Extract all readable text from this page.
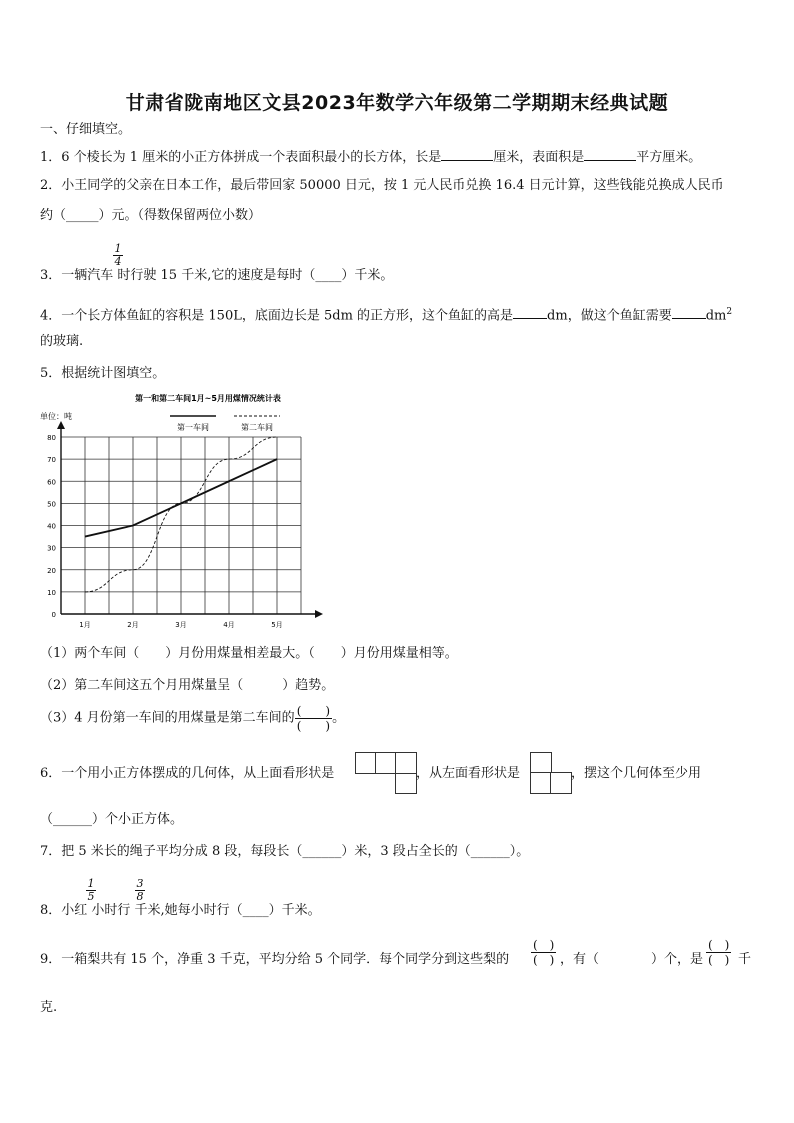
甘肃省陇南地区文县2023年数学六年级第二学期期末经典试题
一、仔细填空。
1．6 个棱长为 1 厘米的小正方体拼成一个表面积最小的长方体，长是	厘米，表面积是	平方厘米。
2．小王同学的父亲在日本工作，最后带回家 50000 日元，按 1 元人民币兑换 16.4 日元计算，这些钱能兑换成人民币
约（_____）元。（得数保留两位小数）
1
4
3．一辆汽车 时行驶 15 千米,它的速度是每时（____）千米。
4．一个长方体鱼缸的容积是 150L，底面边长是 5dm 的正方形，这个鱼缸的高是	dm，做这个鱼缸需要	$dm^2$
的玻璃.
5．根据统计图填空。
第一和第二车间1月~5月用煤情况统计表
单位：吨
第一车间	第二车间
0
10
20
30
40
50
60
70
80
1月	2月	3月	4月	5月
（1）两个车间（　　）月份用煤量相差最大。（　　）月份用煤量相等。
（2）第二车间这五个月用煤量呈（　　　）趋势。
（3）4 月份第一车间的用煤量是第二车间的 $\frac{( )}{( )}$ 。
6．一个用小正方体摆成的几何体，从上面看形状是	，从左面看形状是	，摆这个几何体至少用
（______）个小正方体。
7．把 5 米长的绳子平均分成 8 段，每段长（______）米，3 段占全长的（______）。
1
5
3
8
8．小红 小时行 千米,她每小时行（____）千米。
9．一箱梨共有 15 个，净重 3 千克，平均分给 5 个同学．每个同学分到这些梨的
(　)
(　) ，有（　　　　）个，是
(　)
(　) 千
克.
